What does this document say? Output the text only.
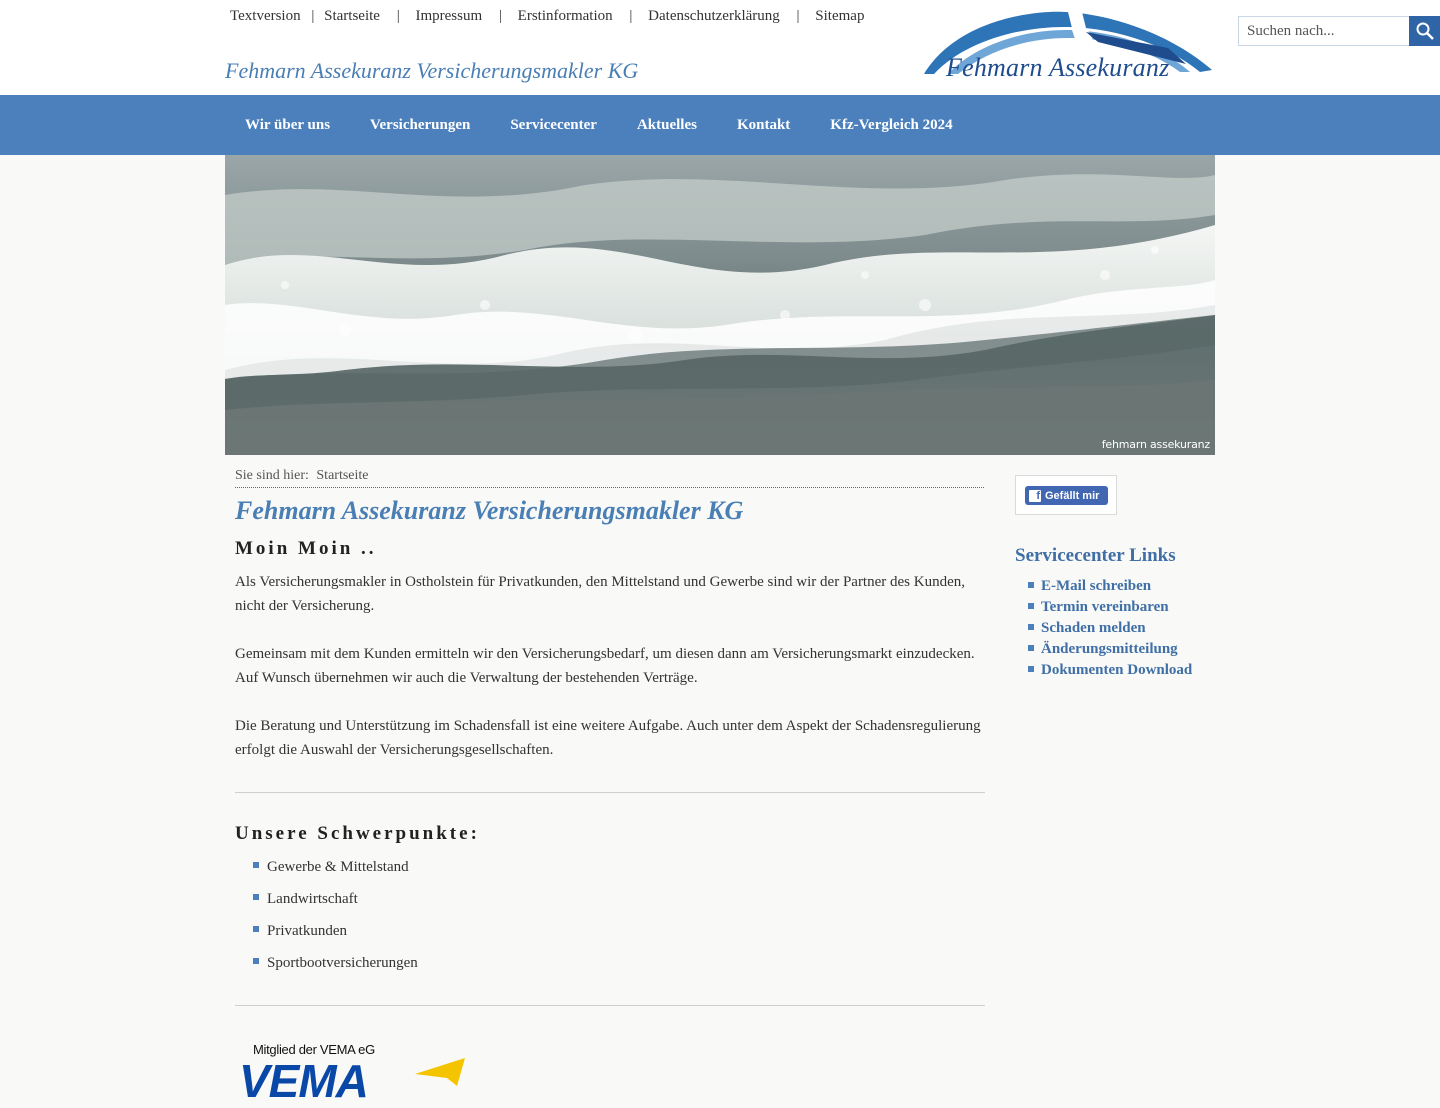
Textversion | Startseite | Impressum | Erstinformation | Datenschutzerklärung | Sitemap
Fehmarn Assekuranz Versicherungsmakler KG	Fehmarn Assekuranz
Wir über uns	Versicherungen	Servicecenter	Aktuelles	Kontakt	Kfz-Vergleich 2024
Suchen nach...
fehmarn assekuranz
Sie sind hier: Startseite
Fehmarn Assekuranz Versicherungsmakler KG
Moin Moin ..

Als Versicherungsmakler in Ostholstein für Privatkunden, den Mittelstand und Gewerbe sind wir der Partner des Kunden, nicht der Versicherung.

Gemeinsam mit dem Kunden ermitteln wir den Versicherungsbedarf, um diesen dann am Versicherungsmarkt einzudecken. Auf Wunsch übernehmen wir auch die Verwaltung der bestehenden Verträge.

Die Beratung und Unterstützung im Schadensfall ist eine weitere Aufgabe. Auch unter dem Aspekt der Schadensregulierung erfolgt die Auswahl der Versicherungsgesellschaften.

Unsere Schwerpunkte:
Gewerbe & Mittelstand
Landwirtschaft
Privatkunden
Sportbootversicherungen
Mitglied der VEMA eG
VEMA
f Gefällt mir
Servicecenter Links
E-Mail schreiben
Termin vereinbaren
Schaden melden
Änderungsmitteilung
Dokumenten Download
